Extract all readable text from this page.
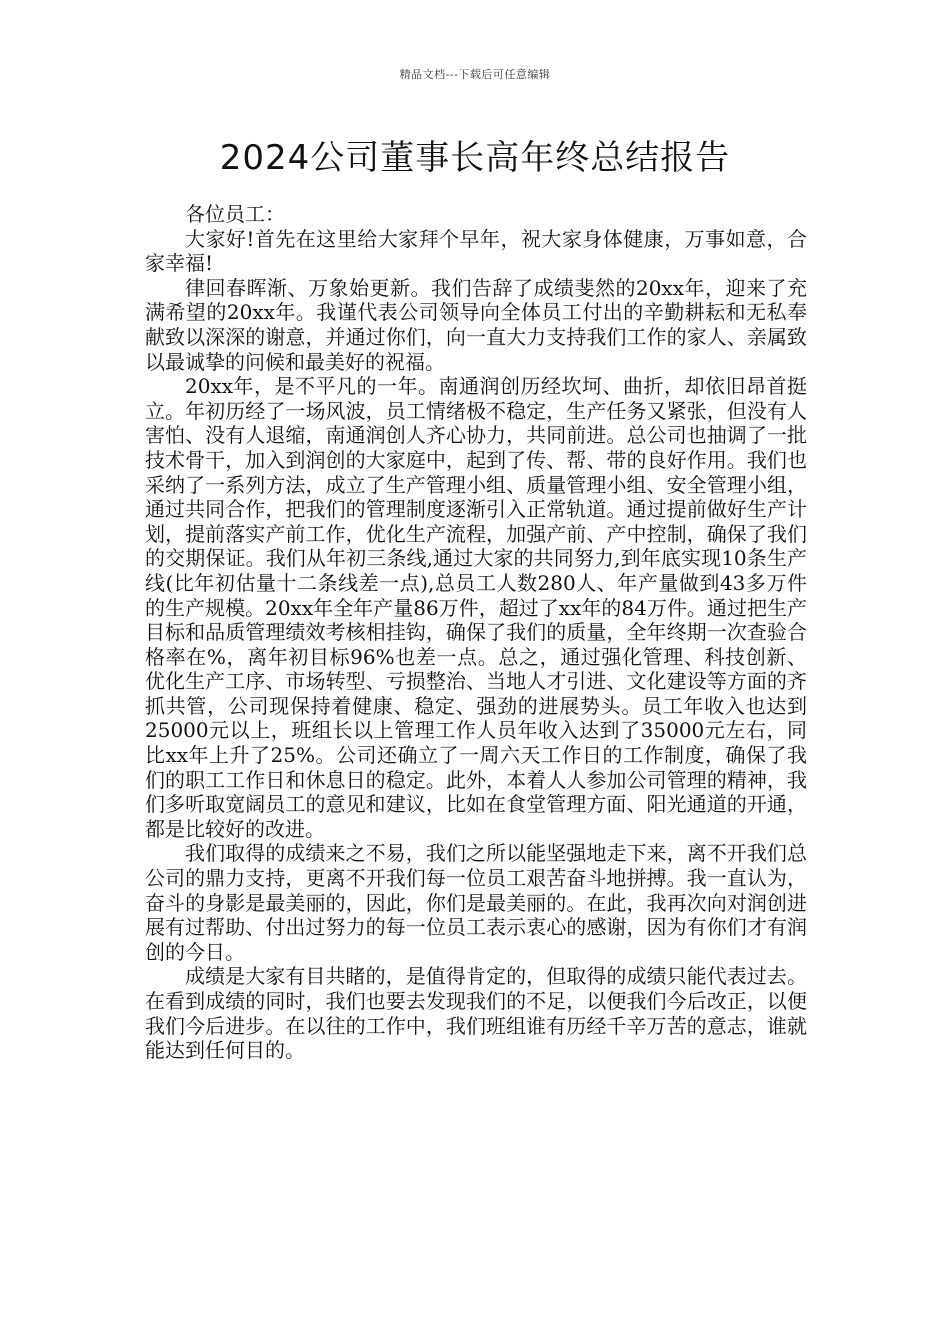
精品文档---下载后可任意编辑
2024公司董事长高年终总结报告

各位员工：

大家好!首先在这里给大家拜个早年，祝大家身体健康，万事如意，合家幸福!

律回春晖渐、万象始更新。我们告辞了成绩斐然的20xx年，迎来了充满希望的20xx年。我谨代表公司领导向全体员工付出的辛勤耕耘和无私奉献致以深深的谢意，并通过你们，向一直大力支持我们工作的家人、亲属致以最诚挚的问候和最美好的祝福。

20xx年，是不平凡的一年。南通润创历经坎坷、曲折，却依旧昂首挺立。年初历经了一场风波，员工情绪极不稳定，生产任务又紧张，但没有人害怕、没有人退缩，南通润创人齐心协力，共同前进。总公司也抽调了一批技术骨干，加入到润创的大家庭中，起到了传、帮、带的良好作用。我们也采纳了一系列方法，成立了生产管理小组、质量管理小组、安全管理小组，通过共同合作，把我们的管理制度逐渐引入正常轨道。通过提前做好生产计划，提前落实产前工作，优化生产流程，加强产前、产中控制，确保了我们的交期保证。我们从年初三条线,通过大家的共同努力,到年底实现10条生产线(比年初估量十二条线差一点),总员工人数280人、年产量做到43多万件的生产规模。20xx年全年产量86万件，超过了xx年的84万件。通过把生产目标和品质管理绩效考核相挂钩，确保了我们的质量，全年终期一次查验合格率在%，离年初目标96%也差一点。总之，通过强化管理、科技创新、优化生产工序、市场转型、亏损整治、当地人才引进、文化建设等方面的齐抓共管，公司现保持着健康、稳定、强劲的进展势头。员工年收入也达到25000元以上，班组长以上管理工作人员年收入达到了35000元左右，同比xx年上升了25%。公司还确立了一周六天工作日的工作制度，确保了我们的职工工作日和休息日的稳定。此外，本着人人参加公司管理的精神，我们多听取宽阔员工的意见和建议，比如在食堂管理方面、阳光通道的开通，都是比较好的改进。

我们取得的成绩来之不易，我们之所以能坚强地走下来，离不开我们总公司的鼎力支持，更离不开我们每一位员工艰苦奋斗地拼搏。我一直认为，奋斗的身影是最美丽的，因此，你们是最美丽的。在此，我再次向对润创进展有过帮助、付出过努力的每一位员工表示衷心的感谢，因为有你们才有润创的今日。

成绩是大家有目共睹的，是值得肯定的，但取得的成绩只能代表过去。在看到成绩的同时，我们也要去发现我们的不足，以便我们今后改正，以便我们今后进步。在以往的工作中，我们班组谁有历经千辛万苦的意志，谁就能达到任何目的。
